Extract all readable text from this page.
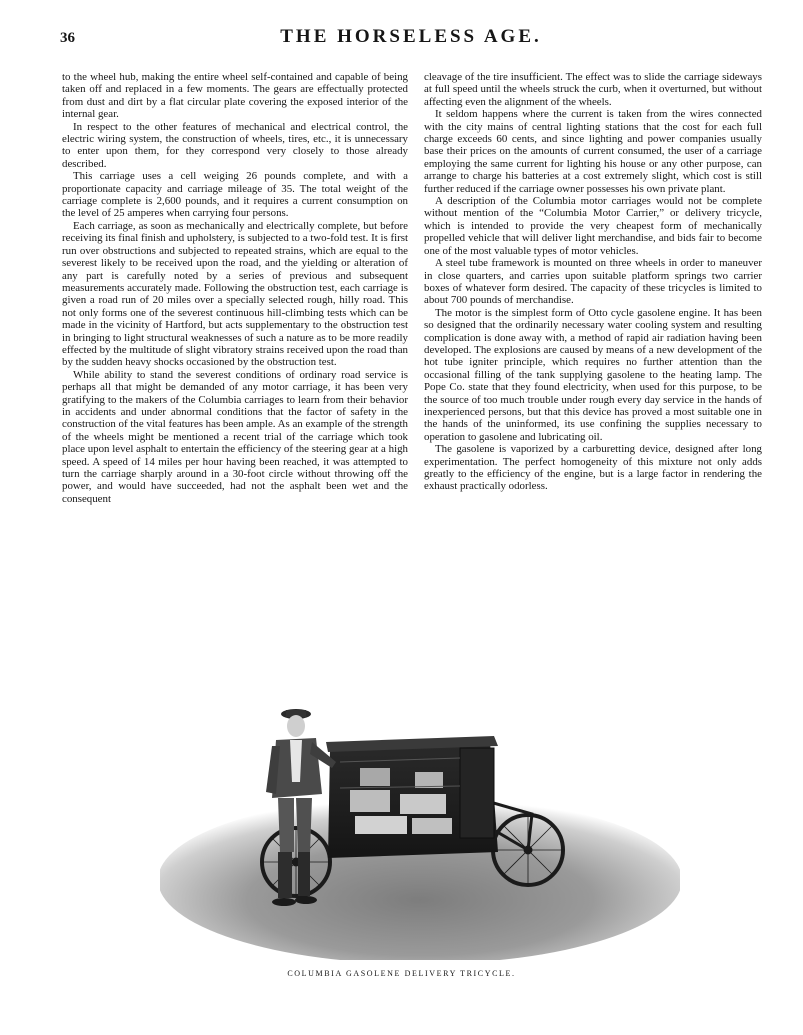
36	THE HORSELESS AGE.

to the wheel hub, making the entire wheel self-contained and capable of being taken off and replaced in a few moments. The gears are effectually protected from dust and dirt by a flat circular plate covering the exposed interior of the internal gear.

In respect to the other features of mechanical and electrical control, the electric wiring system, the construction of wheels, tires, etc., it is unnecessary to enter upon them, for they correspond very closely to those already described.

This carriage uses a cell weiging 26 pounds complete, and with a proportionate capacity and carriage mileage of 35. The total weight of the carriage complete is 2,600 pounds, and it requires a current consumption on the level of 25 amperes when carrying four persons.

Each carriage, as soon as mechanically and electrically complete, but before receiving its final finish and upholstery, is subjected to a two-fold test. It is first run over obstructions and subjected to repeated strains, which are equal to the severest likely to be received upon the road, and the yielding or alteration of any part is carefully noted by a series of previous and subsequent measurements accurately made. Following the obstruction test, each carriage is given a road run of 20 miles over a specially selected rough, hilly road. This not only forms one of the severest continuous hill-climbing tests which can be made in the vicinity of Hartford, but acts supplementary to the obstruction test in bringing to light structural weaknesses of such a nature as to be more readily effected by the multitude of slight vibratory strains received upon the road than by the sudden heavy shocks occasioned by the obstruction test.

While ability to stand the severest conditions of ordinary road service is perhaps all that might be demanded of any motor carriage, it has been very gratifying to the makers of the Columbia carriages to learn from their behavior in accidents and under abnormal conditions that the factor of safety in the construction of the vital features has been ample. As an example of the strength of the wheels might be mentioned a recent trial of the carriage which took place upon level asphalt to entertain the efficiency of the steering gear at a high speed. A speed of 14 miles per hour having been reached, it was attempted to turn the carriage sharply around in a 30-foot circle without throwing off the power, and would have succeeded, had not the asphalt been wet and the consequent

cleavage of the tire insufficient. The effect was to slide the carriage sideways at full speed until the wheels struck the curb, when it overturned, but without affecting even the alignment of the wheels.

It seldom happens where the current is taken from the wires connected with the city mains of central lighting stations that the cost for each full charge exceeds 60 cents, and since lighting and power companies usually base their prices on the amounts of current consumed, the user of a carriage employing the same current for lighting his house or any other purpose, can arrange to charge his batteries at a cost extremely slight, which cost is still further reduced if the carriage owner possesses his own private plant.

A description of the Columbia motor carriages would not be complete without mention of the “Columbia Motor Carrier,” or delivery tricycle, which is intended to provide the very cheapest form of mechanically propelled vehicle that will deliver light merchandise, and bids fair to become one of the most valuable types of motor vehicles.

A steel tube framework is mounted on three wheels in order to maneuver in close quarters, and carries upon suitable platform springs two carrier boxes of whatever form desired. The capacity of these tricycles is limited to about 700 pounds of merchandise.

The motor is the simplest form of Otto cycle gasolene engine. It has been so designed that the ordinarily necessary water cooling system and resulting complication is done away with, a method of rapid air radiation having been developed. The explosions are caused by means of a new development of the hot tube igniter principle, which requires no further attention than the occasional filling of the tank supplying gasolene to the heating lamp. The Pope Co. state that they found electricity, when used for this purpose, to be the source of too much trouble under rough every day service in the hands of inexperienced persons, but that this device has proved a most suitable one in the hands of the uninformed, its use confining the supplies necessary to operation to gasolene and lubricating oil.

The gasolene is vaporized by a carburetting device, designed after long experimentation. The perfect homogeneity of this mixture not only adds greatly to the efficiency of the engine, but is a large factor in rendering the exhaust practically odorless.

COLUMBIA GASOLENE DELIVERY TRICYCLE.
